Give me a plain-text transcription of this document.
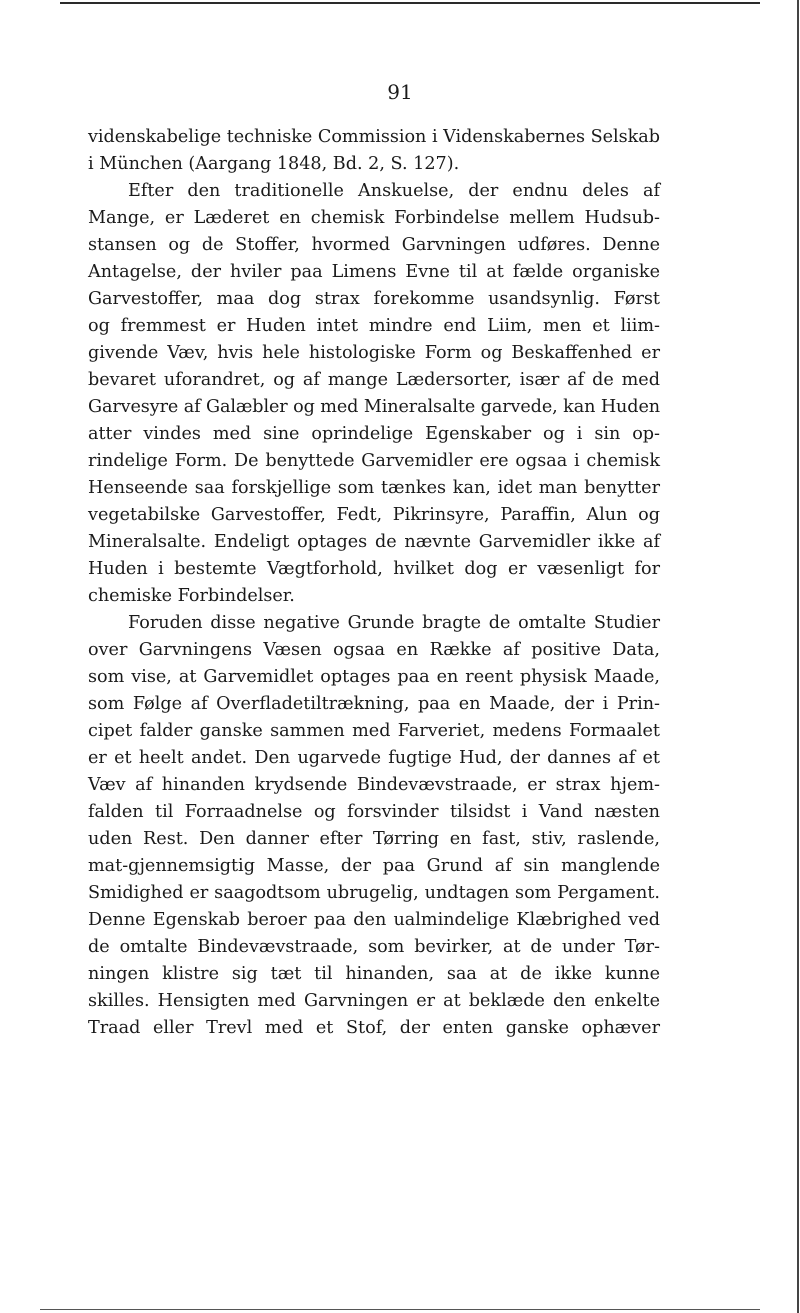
91
videnskabelige techniske Commission i Videnskabernes Selskab
i München (Aargang 1848, Bd. 2, S. 127).
Efter den traditionelle Anskuelse, der endnu deles af
Mange, er Læderet en chemisk Forbindelse mellem Hudsub-
stansen og de Stoffer, hvormed Garvningen udføres. Denne
Antagelse, der hviler paa Limens Evne til at fælde organiske
Garvestoffer, maa dog strax forekomme usandsynlig. Først
og fremmest er Huden intet mindre end Liim, men et liim-
givende Væv, hvis hele histologiske Form og Beskaffenhed er
bevaret uforandret, og af mange Lædersorter, især af de med
Garvesyre af Galæbler og med Mineralsalte garvede, kan Huden
atter vindes med sine oprindelige Egenskaber og i sin op-
rindelige Form. De benyttede Garvemidler ere ogsaa i chemisk
Henseende saa forskjellige som tænkes kan, idet man benytter
vegetabilske Garvestoffer, Fedt, Pikrinsyre, Paraffin, Alun og
Mineralsalte. Endeligt optages de nævnte Garvemidler ikke af
Huden i bestemte Vægtforhold, hvilket dog er væsenligt for
chemiske Forbindelser.
Foruden disse negative Grunde bragte de omtalte Studier
over Garvningens Væsen ogsaa en Række af positive Data,
som vise, at Garvemidlet optages paa en reent physisk Maade,
som Følge af Overfladetiltrækning, paa en Maade, der i Prin-
cipet falder ganske sammen med Farveriet, medens Formaalet
er et heelt andet. Den ugarvede fugtige Hud, der dannes af et
Væv af hinanden krydsende Bindevævstraade, er strax hjem-
falden til Forraadnelse og forsvinder tilsidst i Vand næsten
uden Rest. Den danner efter Tørring en fast, stiv, raslende,
mat-gjennemsigtig Masse, der paa Grund af sin manglende
Smidighed er saagodtsom ubrugelig, undtagen som Pergament.
Denne Egenskab beroer paa den ualmindelige Klæbrighed ved
de omtalte Bindevævstraade, som bevirker, at de under Tør-
ningen klistre sig tæt til hinanden, saa at de ikke kunne
skilles. Hensigten med Garvningen er at beklæde den enkelte
Traad eller Trevl med et Stof, der enten ganske ophæver
